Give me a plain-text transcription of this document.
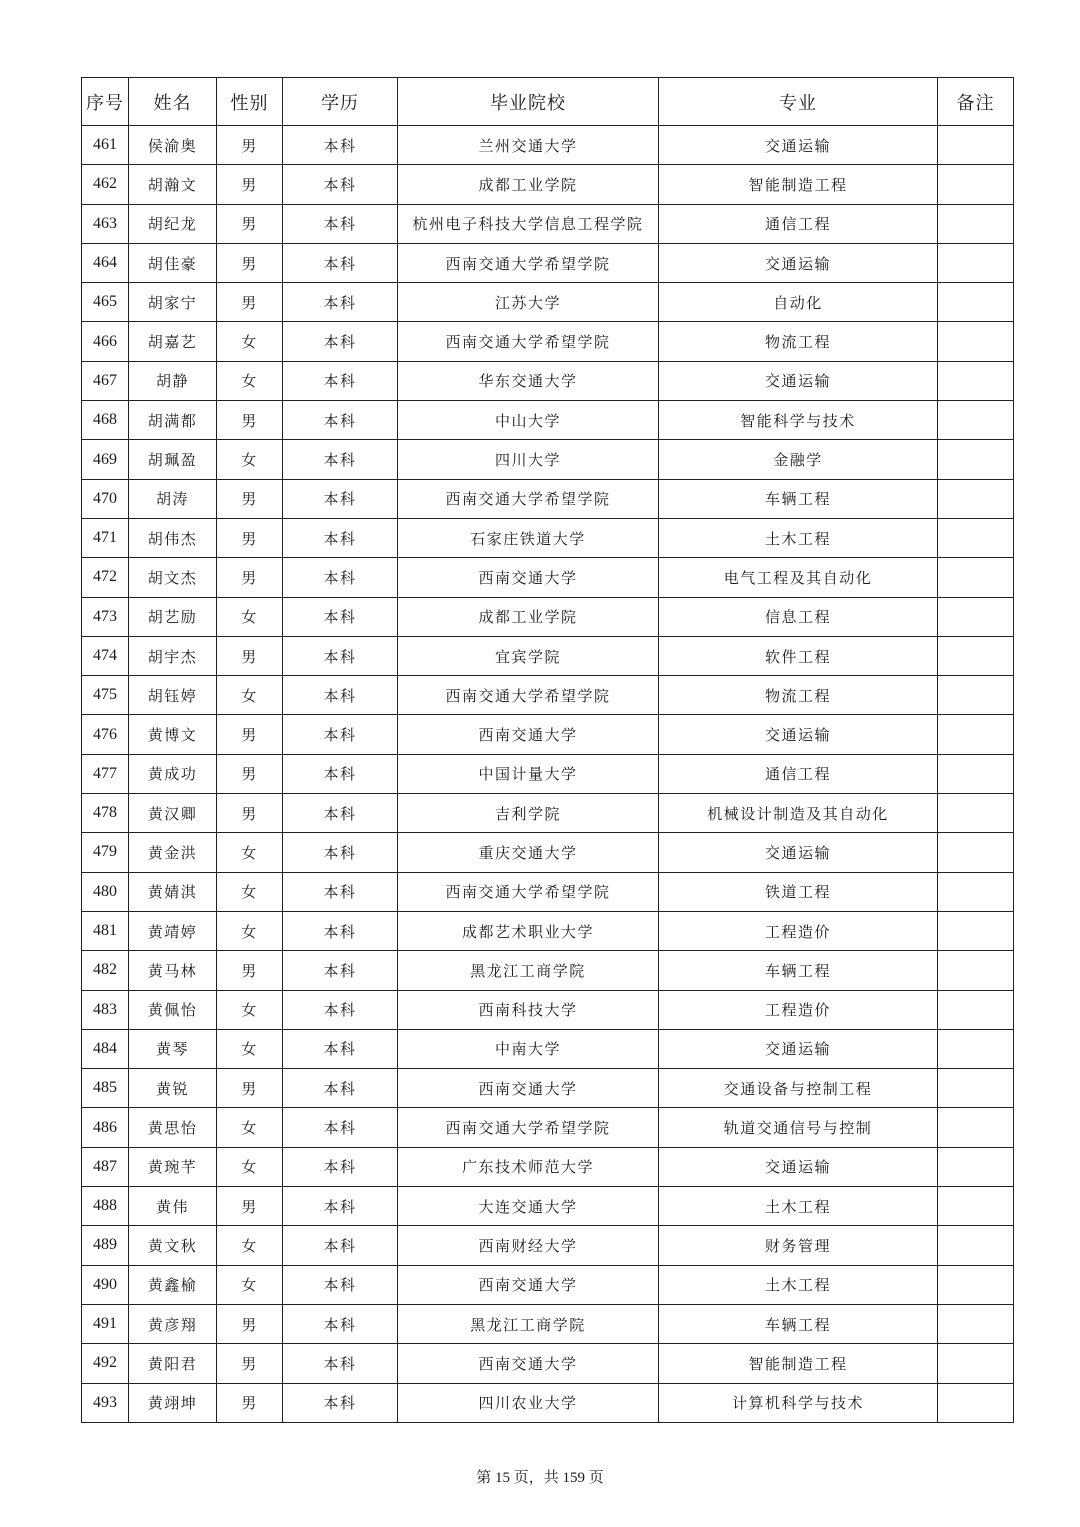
序号	姓名	性别	学历	毕业院校	专业	备注
461	侯渝奥	男	本科	兰州交通大学	交通运输	
462	胡瀚文	男	本科	成都工业学院	智能制造工程	
463	胡纪龙	男	本科	杭州电子科技大学信息工程学院	通信工程	
464	胡佳豪	男	本科	西南交通大学希望学院	交通运输	
465	胡家宁	男	本科	江苏大学	自动化	
466	胡嘉艺	女	本科	西南交通大学希望学院	物流工程	
467	胡静	女	本科	华东交通大学	交通运输	
468	胡满都	男	本科	中山大学	智能科学与技术	
469	胡珮盈	女	本科	四川大学	金融学	
470	胡涛	男	本科	西南交通大学希望学院	车辆工程	
471	胡伟杰	男	本科	石家庄铁道大学	土木工程	
472	胡文杰	男	本科	西南交通大学	电气工程及其自动化	
473	胡艺励	女	本科	成都工业学院	信息工程	
474	胡宇杰	男	本科	宜宾学院	软件工程	
475	胡钰婷	女	本科	西南交通大学希望学院	物流工程	
476	黄博文	男	本科	西南交通大学	交通运输	
477	黄成功	男	本科	中国计量大学	通信工程	
478	黄汉卿	男	本科	吉利学院	机械设计制造及其自动化	
479	黄金洪	女	本科	重庆交通大学	交通运输	
480	黄婧淇	女	本科	西南交通大学希望学院	铁道工程	
481	黄靖婷	女	本科	成都艺术职业大学	工程造价	
482	黄马林	男	本科	黑龙江工商学院	车辆工程	
483	黄佩怡	女	本科	西南科技大学	工程造价	
484	黄琴	女	本科	中南大学	交通运输	
485	黄锐	男	本科	西南交通大学	交通设备与控制工程	
486	黄思怡	女	本科	西南交通大学希望学院	轨道交通信号与控制	
487	黄琬芊	女	本科	广东技术师范大学	交通运输	
488	黄伟	男	本科	大连交通大学	土木工程	
489	黄文秋	女	本科	西南财经大学	财务管理	
490	黄鑫榆	女	本科	西南交通大学	土木工程	
491	黄彦翔	男	本科	黑龙江工商学院	车辆工程	
492	黄阳君	男	本科	西南交通大学	智能制造工程	
493	黄翊坤	男	本科	四川农业大学	计算机科学与技术	
第 15 页，共 159 页
